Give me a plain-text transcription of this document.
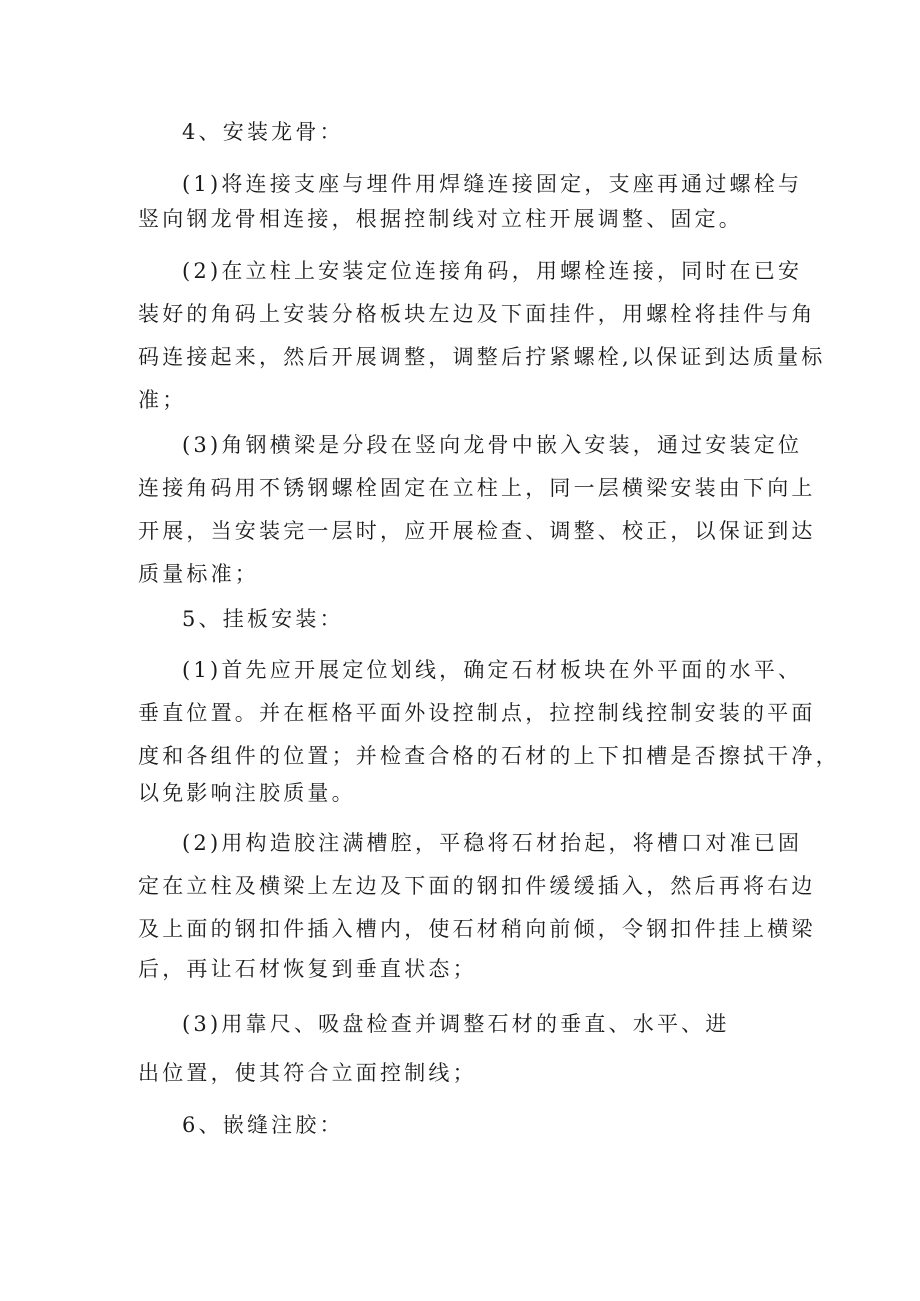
4、安装龙骨：
(1)将连接支座与埋件用焊缝连接固定，支座再通过螺栓与
竖向钢龙骨相连接，根据控制线对立柱开展调整、固定。
(2)在立柱上安装定位连接角码，用螺栓连接，同时在已安
装好的角码上安装分格板块左边及下面挂件，用螺栓将挂件与角
码连接起来，然后开展调整，调整后拧紧螺栓,以保证到达质量标
准；
(3)角钢横梁是分段在竖向龙骨中嵌入安装，通过安装定位
连接角码用不锈钢螺栓固定在立柱上，同一层横梁安装由下向上
开展，当安装完一层时，应开展检查、调整、校正，以保证到达
质量标准；
5、挂板安装：
(1)首先应开展定位划线，确定石材板块在外平面的水平、
垂直位置。并在框格平面外设控制点，拉控制线控制安装的平面
度和各组件的位置；并检查合格的石材的上下扣槽是否擦拭干净，
以免影响注胶质量。
(2)用构造胶注满槽腔，平稳将石材抬起，将槽口对准已固
定在立柱及横梁上左边及下面的钢扣件缓缓插入，然后再将右边
及上面的钢扣件插入槽内，使石材稍向前倾，令钢扣件挂上横梁
后，再让石材恢复到垂直状态；
(3)用靠尺、吸盘检查并调整石材的垂直、水平、进
出位置，使其符合立面控制线；
6、嵌缝注胶：
